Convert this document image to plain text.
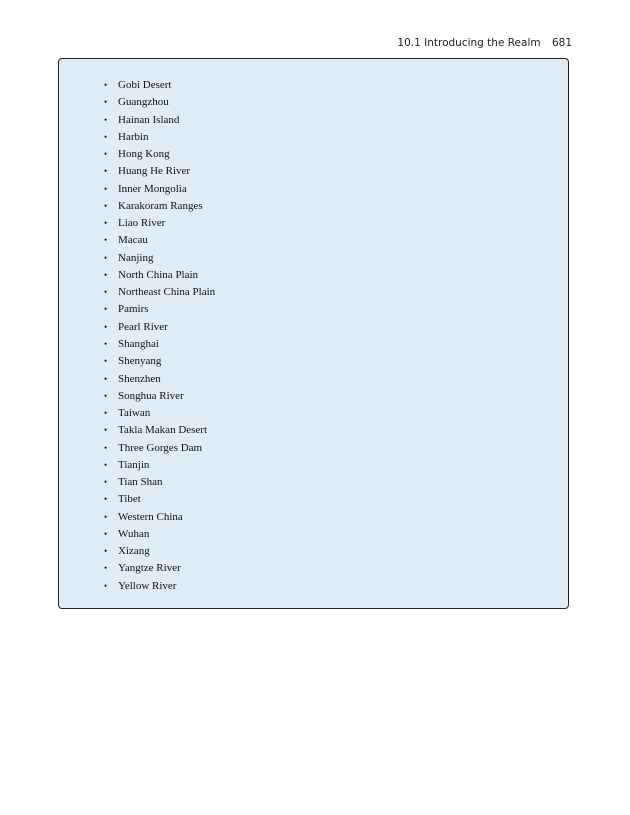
10.1 Introducing the Realm 681
• Gobi Desert
• Guangzhou
• Hainan Island
• Harbin
• Hong Kong
• Huang He River
• Inner Mongolia
• Karakoram Ranges
• Liao River
• Macau
• Nanjing
• North China Plain
• Northeast China Plain
• Pamirs
• Pearl River
• Shanghai
• Shenyang
• Shenzhen
• Songhua River
• Taiwan
• Takla Makan Desert
• Three Gorges Dam
• Tianjin
• Tian Shan
• Tibet
• Western China
• Wuhan
• Xizang
• Yangtze River
• Yellow River
